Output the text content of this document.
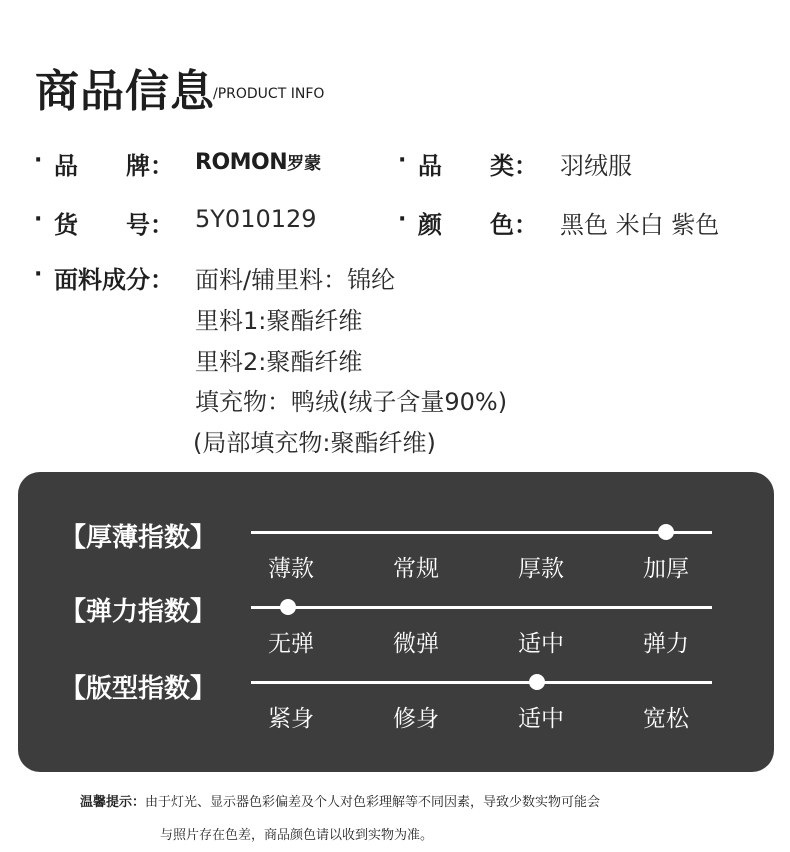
商品信息
/PRODUCT INFO
· 品　　牌： ROMON罗蒙	· 品　　类： 羽绒服
· 货　　号： 5Y010129	· 颜　　色： 黑色 米白 紫色
· 面料成分： 面料/辅里料：锦纶
里料1:聚酯纤维
里料2:聚酯纤维
填充物：鸭绒(绒子含量90%)
(局部填充物:聚酯纤维)
【厚薄指数】
薄款	常规	厚款	加厚
【弹力指数】
无弹	微弹	适中	弹力
【版型指数】
紧身	修身	适中	宽松
温馨提示：由于灯光、显示器色彩偏差及个人对色彩理解等不同因素，导致少数实物可能会
与照片存在色差，商品颜色请以收到实物为准。
